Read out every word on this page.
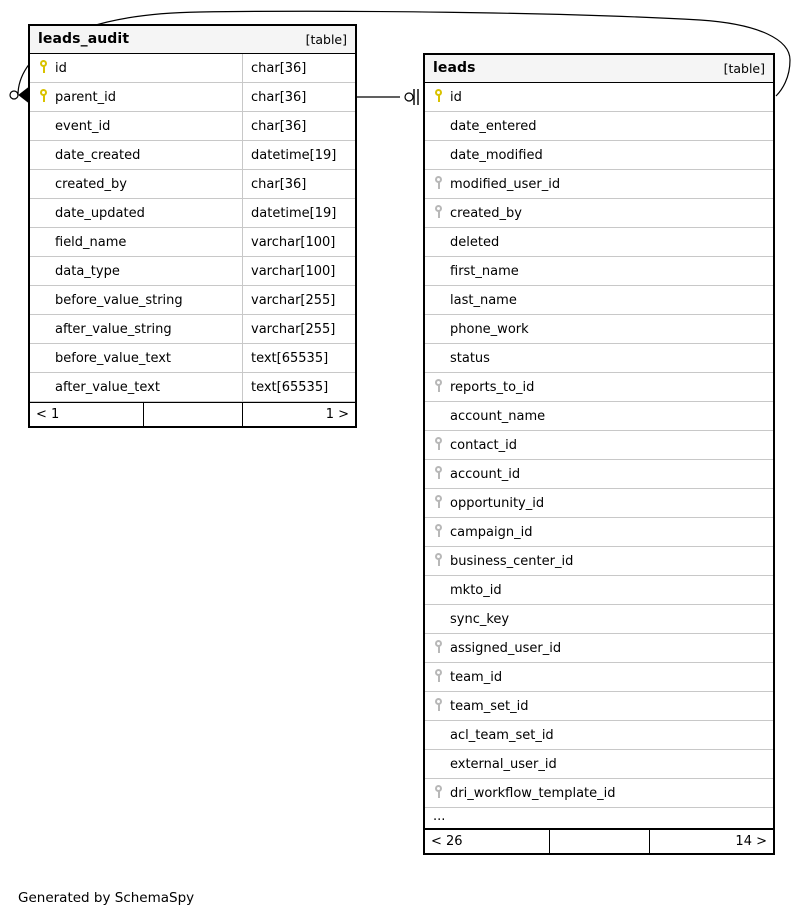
leads_audit	[table]
id	char[36]
parent_id	char[36]
event_id	char[36]
date_created	datetime[19]
created_by	char[36]
date_updated	datetime[19]
field_name	varchar[100]
data_type	varchar[100]
before_value_string	varchar[255]
after_value_string	varchar[255]
before_value_text	text[65535]
after_value_text	text[65535]
< 1	1 >
leads	[table]
id
date_entered
date_modified
modified_user_id
created_by
deleted
first_name
last_name
phone_work
status
reports_to_id
account_name
contact_id
account_id
opportunity_id
campaign_id
business_center_id
mkto_id
sync_key
assigned_user_id
team_id
team_set_id
acl_team_set_id
external_user_id
dri_workflow_template_id
...
< 26	14 >
Generated by SchemaSpy
